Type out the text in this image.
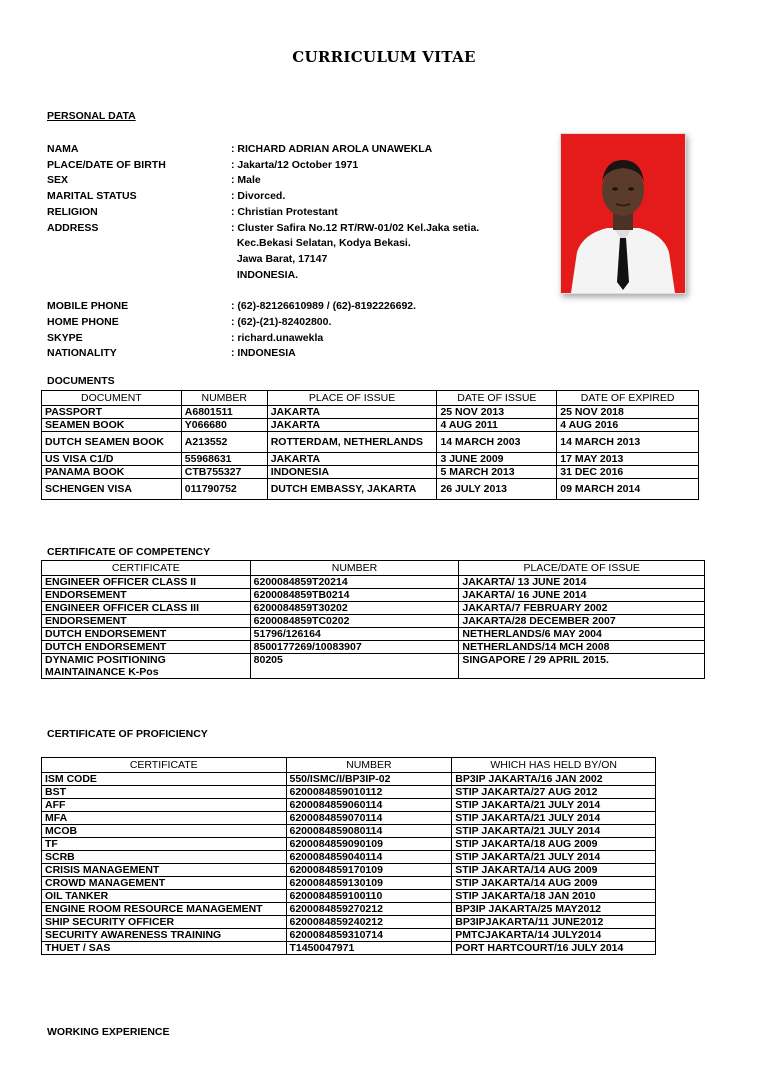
CURRICULUM VITAE
PERSONAL DATA
NAMA	: RICHARD ADRIAN AROLA UNAWEKLA
PLACE/DATE OF BIRTH	: Jakarta/12 October 1971
SEX	: Male
MARITAL STATUS	: Divorced.
RELIGION	: Christian Protestant
ADDRESS	: Cluster Safira No.12 RT/RW-01/02 Kel.Jaka setia.
Kec.Bekasi Selatan, Kodya Bekasi.
Jawa Barat, 17147
INDONESIA.
MOBILE PHONE	: (62)-82126610989 / (62)-8192226692.
HOME PHONE	: (62)-(21)-82402800.
SKYPE	: richard.unawekla
NATIONALITY	: INDONESIA
DOCUMENTS
DOCUMENT	NUMBER	PLACE OF ISSUE	DATE OF ISSUE	DATE OF EXPIRED
PASSPORT	A6801511	JAKARTA	25 NOV 2013	25 NOV 2018
SEAMEN BOOK	Y066680	JAKARTA	4 AUG 2011	4 AUG 2016
DUTCH SEAMEN BOOK	A213552	ROTTERDAM, NETHERLANDS	14 MARCH 2003	14 MARCH 2013
US VISA C1/D	55968631	JAKARTA	3 JUNE 2009	17 MAY 2013
PANAMA BOOK	CTB755327	INDONESIA	5 MARCH 2013	31 DEC 2016
SCHENGEN VISA	011790752	DUTCH EMBASSY, JAKARTA	26 JULY 2013	09 MARCH 2014
CERTIFICATE OF COMPETENCY
CERTIFICATE	NUMBER	PLACE/DATE OF ISSUE
ENGINEER OFFICER CLASS II	6200084859T20214	JAKARTA/ 13 JUNE 2014
ENDORSEMENT	6200084859TB0214	JAKARTA/ 16 JUNE 2014
ENGINEER OFFICER CLASS III	6200084859T30202	JAKARTA/7 FEBRUARY 2002
ENDORSEMENT	6200084859TC0202	JAKARTA/28 DECEMBER 2007
DUTCH ENDORSEMENT	51796/126164	NETHERLANDS/6 MAY 2004
DUTCH ENDORSEMENT	8500177269/10083907	NETHERLANDS/14 MCH 2008
DYNAMIC POSITIONING	80205	SINGAPORE / 29 APRIL 2015.
MAINTAINANCE K-Pos		
CERTIFICATE OF PROFICIENCY
CERTIFICATE	NUMBER	WHICH HAS HELD BY/ON
ISM CODE	550/ISMC/I/BP3IP-02	BP3IP JAKARTA/16 JAN 2002
BST	6200084859010112	STIP JAKARTA/27 AUG 2012
AFF	6200084859060114	STIP JAKARTA/21 JULY 2014
MFA	6200084859070114	STIP JAKARTA/21 JULY 2014
MCOB	6200084859080114	STIP JAKARTA/21 JULY 2014
TF	6200084859090109	STIP JAKARTA/18 AUG 2009
SCRB	6200084859040114	STIP JAKARTA/21 JULY 2014
CRISIS MANAGEMENT	6200084859170109	STIP JAKARTA/14 AUG 2009
CROWD MANAGEMENT	6200084859130109	STIP JAKARTA/14 AUG 2009
OIL TANKER	6200084859100110	STIP JAKARTA/18 JAN 2010
ENGINE ROOM RESOURCE MANAGEMENT	6200084859270212	BP3IP JAKARTA/25 MAY2012
SHIP SECURITY OFFICER	6200084859240212	BP3IPJAKARTA/11 JUNE2012
SECURITY AWARENESS TRAINING	6200084859310714	PMTCJAKARTA/14 JULY2014
THUET / SAS	T1450047971	PORT HARTCOURT/16 JULY 2014
WORKING EXPERIENCE
